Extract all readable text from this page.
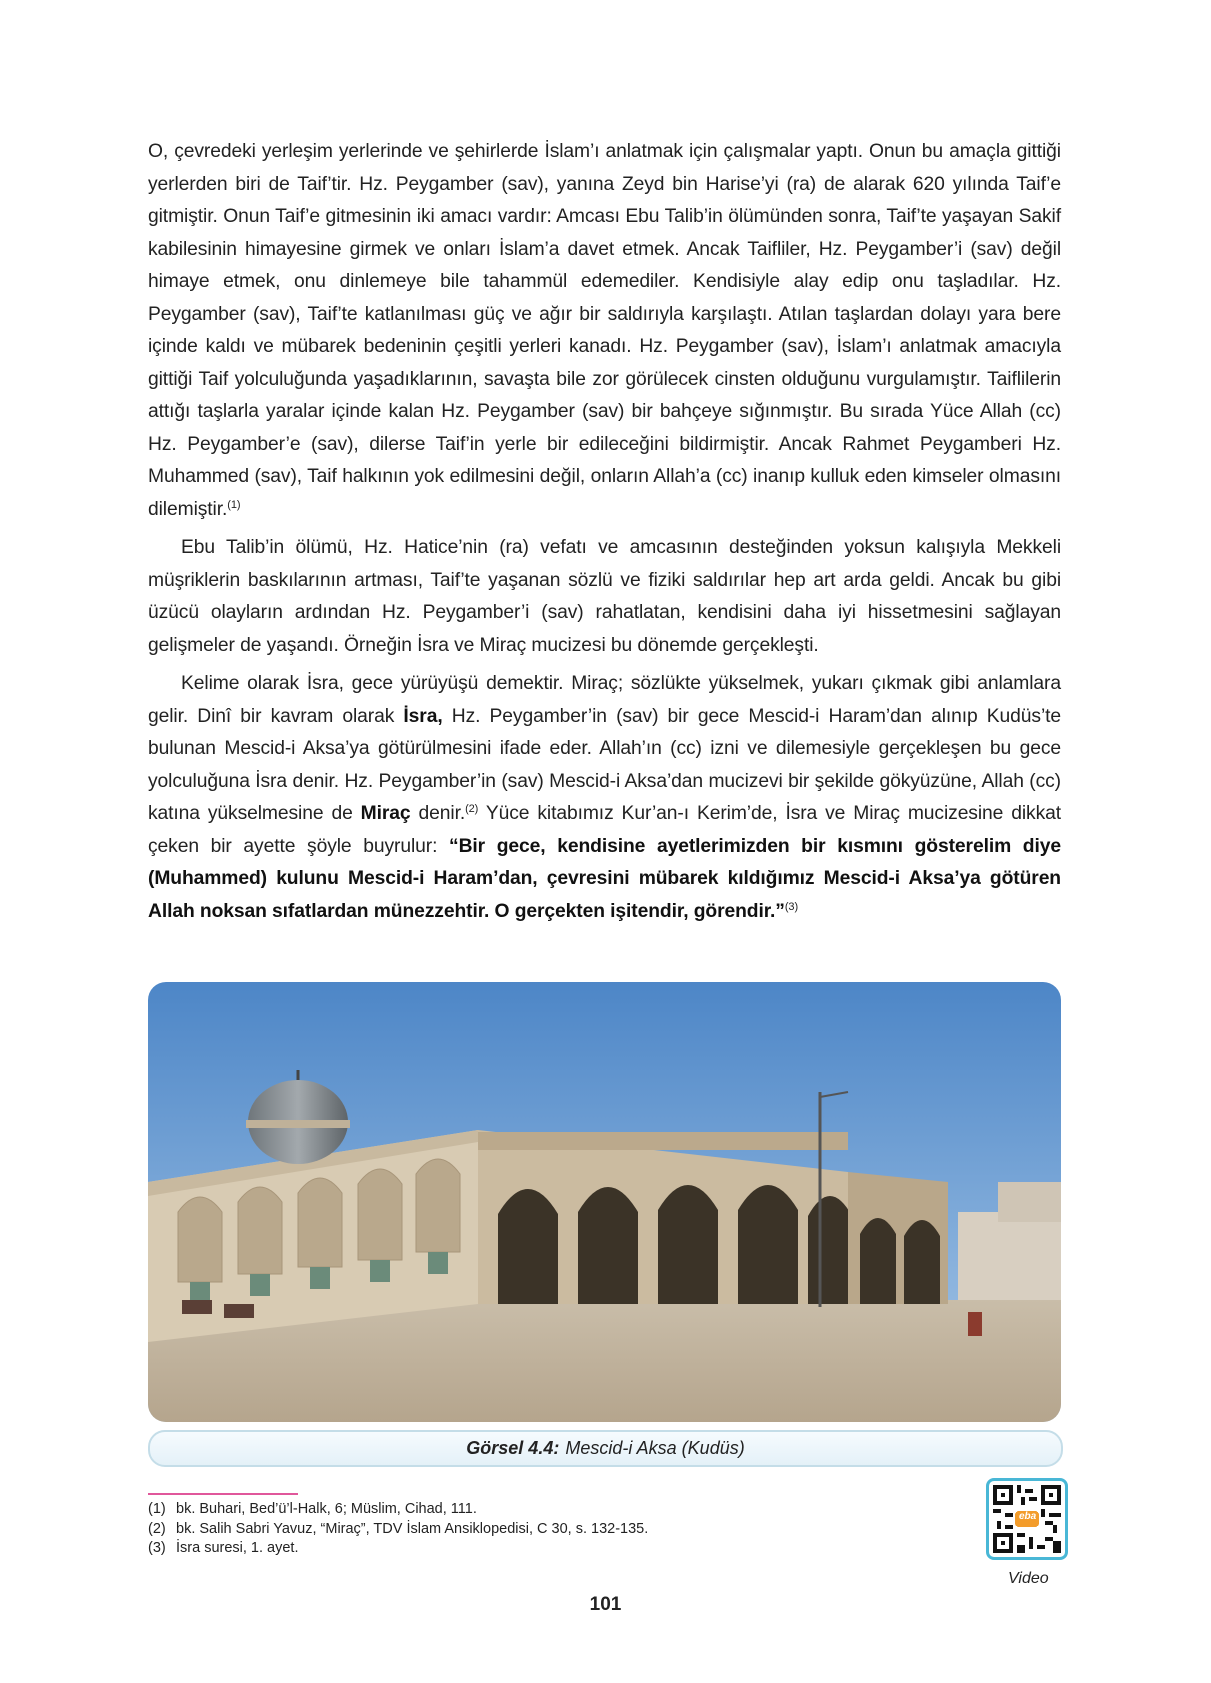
O, çevredeki yerleşim yerlerinde ve şehirlerde İslam’ı anlatmak için çalışmalar yaptı. Onun bu amaçla gittiği yerlerden biri de Taif’tir. Hz. Peygamber (sav), yanına Zeyd bin Harise’yi (ra) de alarak 620 yılında Taif’e gitmiştir. Onun Taif’e gitmesinin iki amacı vardır: Amcası Ebu Talib’in ölümünden sonra, Taif’te yaşayan Sakif kabilesinin himayesine girmek ve onları İslam’a davet etmek. Ancak Taifliler, Hz. Peygamber’i (sav) değil himaye etmek, onu dinlemeye bile tahammül edemediler. Kendisiyle alay edip onu taşladılar. Hz. Peygamber (sav), Taif’te katlanılması güç ve ağır bir saldırıyla karşılaştı. Atılan taşlardan dolayı yara bere içinde kaldı ve mübarek bedeninin çeşitli yerleri kanadı. Hz. Peygamber (sav), İslam’ı anlatmak amacıyla gittiği Taif yolculuğunda yaşadıklarının, savaşta bile zor görülecek cinsten olduğunu vurgulamıştır. Taiflilerin attığı taşlarla yaralar içinde kalan Hz. Peygamber (sav) bir bahçeye sığınmıştır. Bu sırada Yüce Allah (cc) Hz. Peygamber’e (sav), dilerse Taif’in yerle bir edileceğini bildirmiştir. Ancak Rahmet Peygamberi Hz. Muhammed (sav), Taif halkının yok edilmesini değil, onların Allah’a (cc) inanıp kulluk eden kimseler olmasını dilemiştir.$^{(1)}$

Ebu Talib’in ölümü, Hz. Hatice’nin (ra) vefatı ve amcasının desteğinden yoksun kalışıyla Mekkeli müşriklerin baskılarının artması, Taif’te yaşanan sözlü ve fiziki saldırılar hep art arda geldi. Ancak bu gibi üzücü olayların ardından Hz. Peygamber’i (sav) rahatlatan, kendisini daha iyi hissetmesini sağlayan gelişmeler de yaşandı. Örneğin İsra ve Miraç mucizesi bu dönemde gerçekleşti.

Kelime olarak İsra, gece yürüyüşü demektir. Miraç; sözlükte yükselmek, yukarı çıkmak gibi anlamlara gelir. Dinî bir kavram olarak İsra, Hz. Peygamber’in (sav) bir gece Mescid-i Haram’dan alınıp Kudüs’te bulunan Mescid-i Aksa’ya götürülmesini ifade eder. Allah’ın (cc) izni ve dilemesiyle gerçekleşen bu gece yolculuğuna İsra denir. Hz. Peygamber’in (sav) Mescid-i Aksa’dan mucizevi bir şekilde gökyüzüne, Allah (cc) katına yükselmesine de Miraç denir.$^{(2)}$ Yüce kitabımız Kur’an-ı Kerim’de, İsra ve Miraç mucizesine dikkat çeken bir ayette şöyle buyrulur: “Bir gece, kendisine ayetlerimizden bir kısmını gösterelim diye (Muhammed) kulunu Mescid-i Haram’dan, çevresini mübarek kıldığımız Mescid-i Aksa’ya götüren Allah noksan sıfatlardan münezzehtir. O gerçekten işitendir, görendir.”$^{(3)}$

Görsel 4.4: Mescid-i Aksa (Kudüs)
(1) bk. Buhari, Bed’ü’l-Halk, 6; Müslim, Cihad, 111.
(2) bk. Salih Sabri Yavuz, “Miraç”, TDV İslam Ansiklopedisi, C 30, s. 132-135.
(3) İsra suresi, 1. ayet.
eba
Video
101
